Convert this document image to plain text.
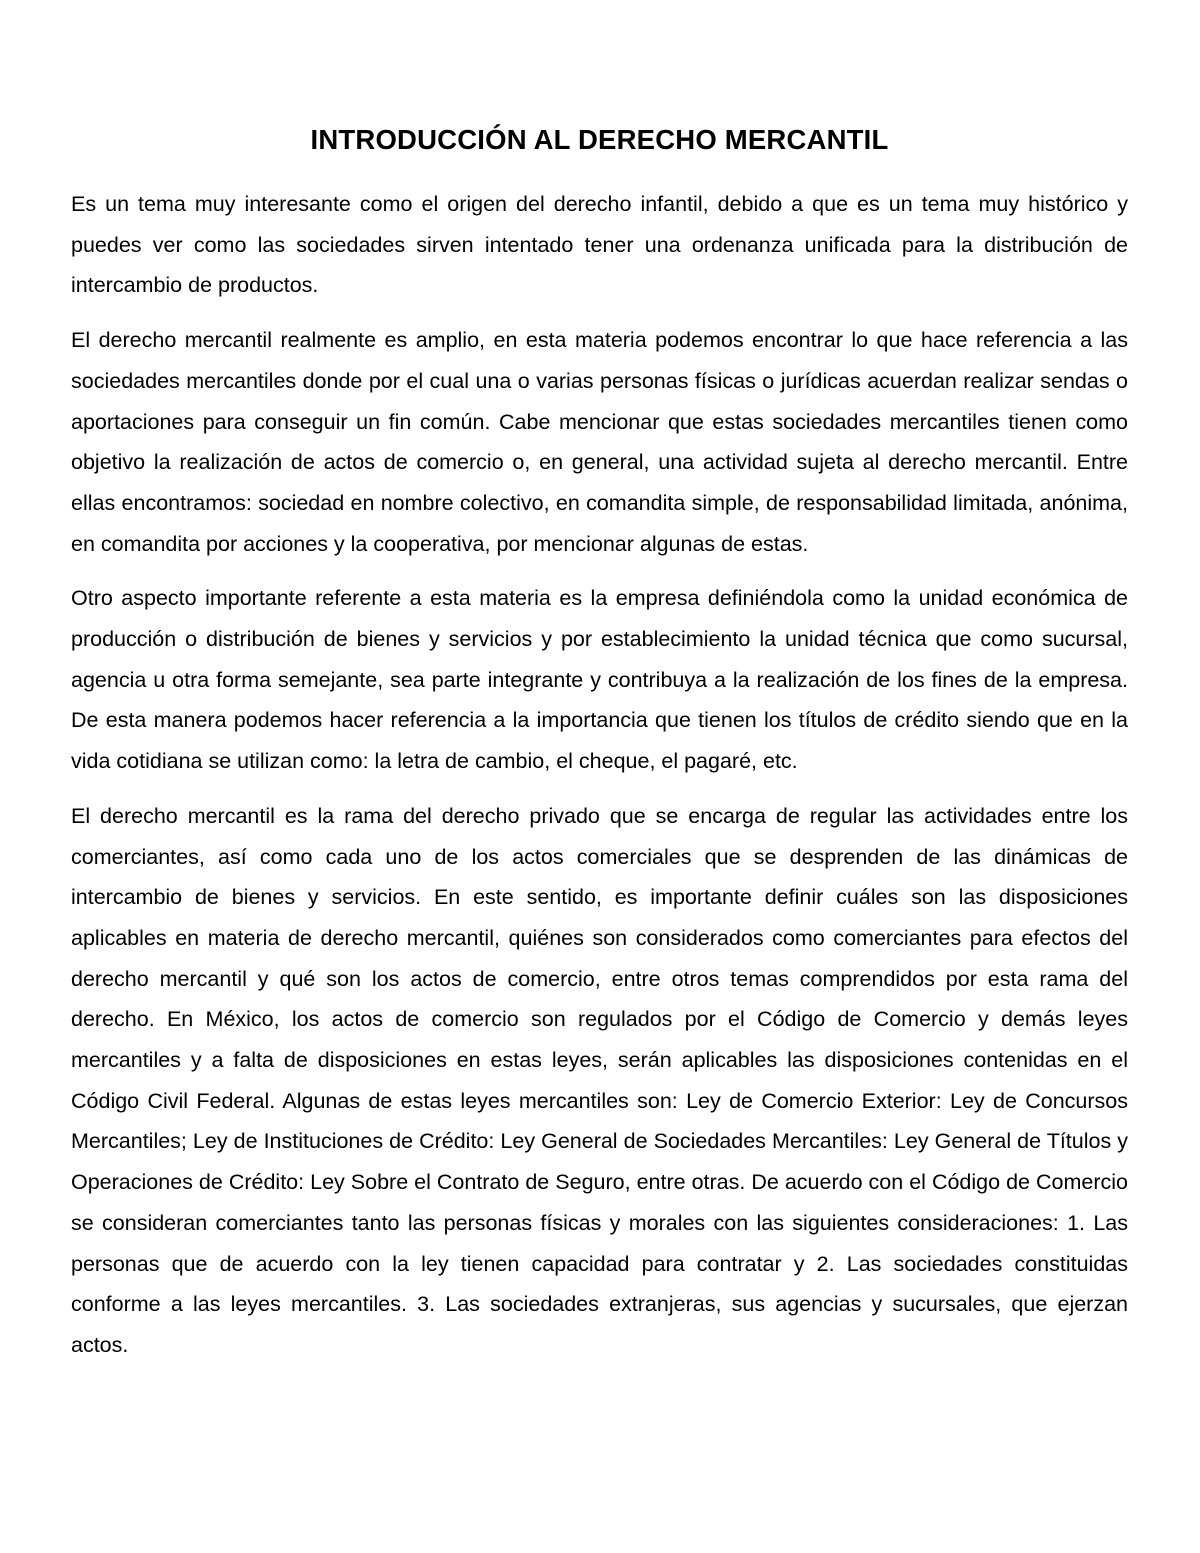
INTRODUCCIÓN AL DERECHO MERCANTIL

Es un tema muy interesante como el origen del derecho infantil, debido a que es un tema muy histórico y puedes ver como las sociedades sirven intentado tener una ordenanza unificada para la distribución de intercambio de productos.

El derecho mercantil realmente es amplio, en esta materia podemos encontrar lo que hace referencia a las sociedades mercantiles donde por el cual una o varias personas físicas o jurídicas acuerdan realizar sendas o aportaciones para conseguir un fin común. Cabe mencionar que estas sociedades mercantiles tienen como objetivo la realización de actos de comercio o, en general, una actividad sujeta al derecho mercantil. Entre ellas encontramos: sociedad en nombre colectivo, en comandita simple, de responsabilidad limitada, anónima, en comandita por acciones y la cooperativa, por mencionar algunas de estas.

Otro aspecto importante referente a esta materia es la empresa definiéndola como la unidad económica de producción o distribución de bienes y servicios y por establecimiento la unidad técnica que como sucursal, agencia u otra forma semejante, sea parte integrante y contribuya a la realización de los fines de la empresa. De esta manera podemos hacer referencia a la importancia que tienen los títulos de crédito siendo que en la vida cotidiana se utilizan como: la letra de cambio, el cheque, el pagaré, etc.

El derecho mercantil es la rama del derecho privado que se encarga de regular las actividades entre los comerciantes, así como cada uno de los actos comerciales que se desprenden de las dinámicas de intercambio de bienes y servicios. En este sentido, es importante definir cuáles son las disposiciones aplicables en materia de derecho mercantil, quiénes son considerados como comerciantes para efectos del derecho mercantil y qué son los actos de comercio, entre otros temas comprendidos por esta rama del derecho. En México, los actos de comercio son regulados por el Código de Comercio y demás leyes mercantiles y a falta de disposiciones en estas leyes, serán aplicables las disposiciones contenidas en el Código Civil Federal. Algunas de estas leyes mercantiles son: Ley de Comercio Exterior: Ley de Concursos Mercantiles; Ley de Instituciones de Crédito: Ley General de Sociedades Mercantiles: Ley General de Títulos y Operaciones de Crédito: Ley Sobre el Contrato de Seguro, entre otras. De acuerdo con el Código de Comercio se consideran comerciantes tanto las personas físicas y morales con las siguientes consideraciones: 1. Las personas que de acuerdo con la ley tienen capacidad para contratar y 2. Las sociedades constituidas conforme a las leyes mercantiles. 3. Las sociedades extranjeras, sus agencias y sucursales, que ejerzan actos.
